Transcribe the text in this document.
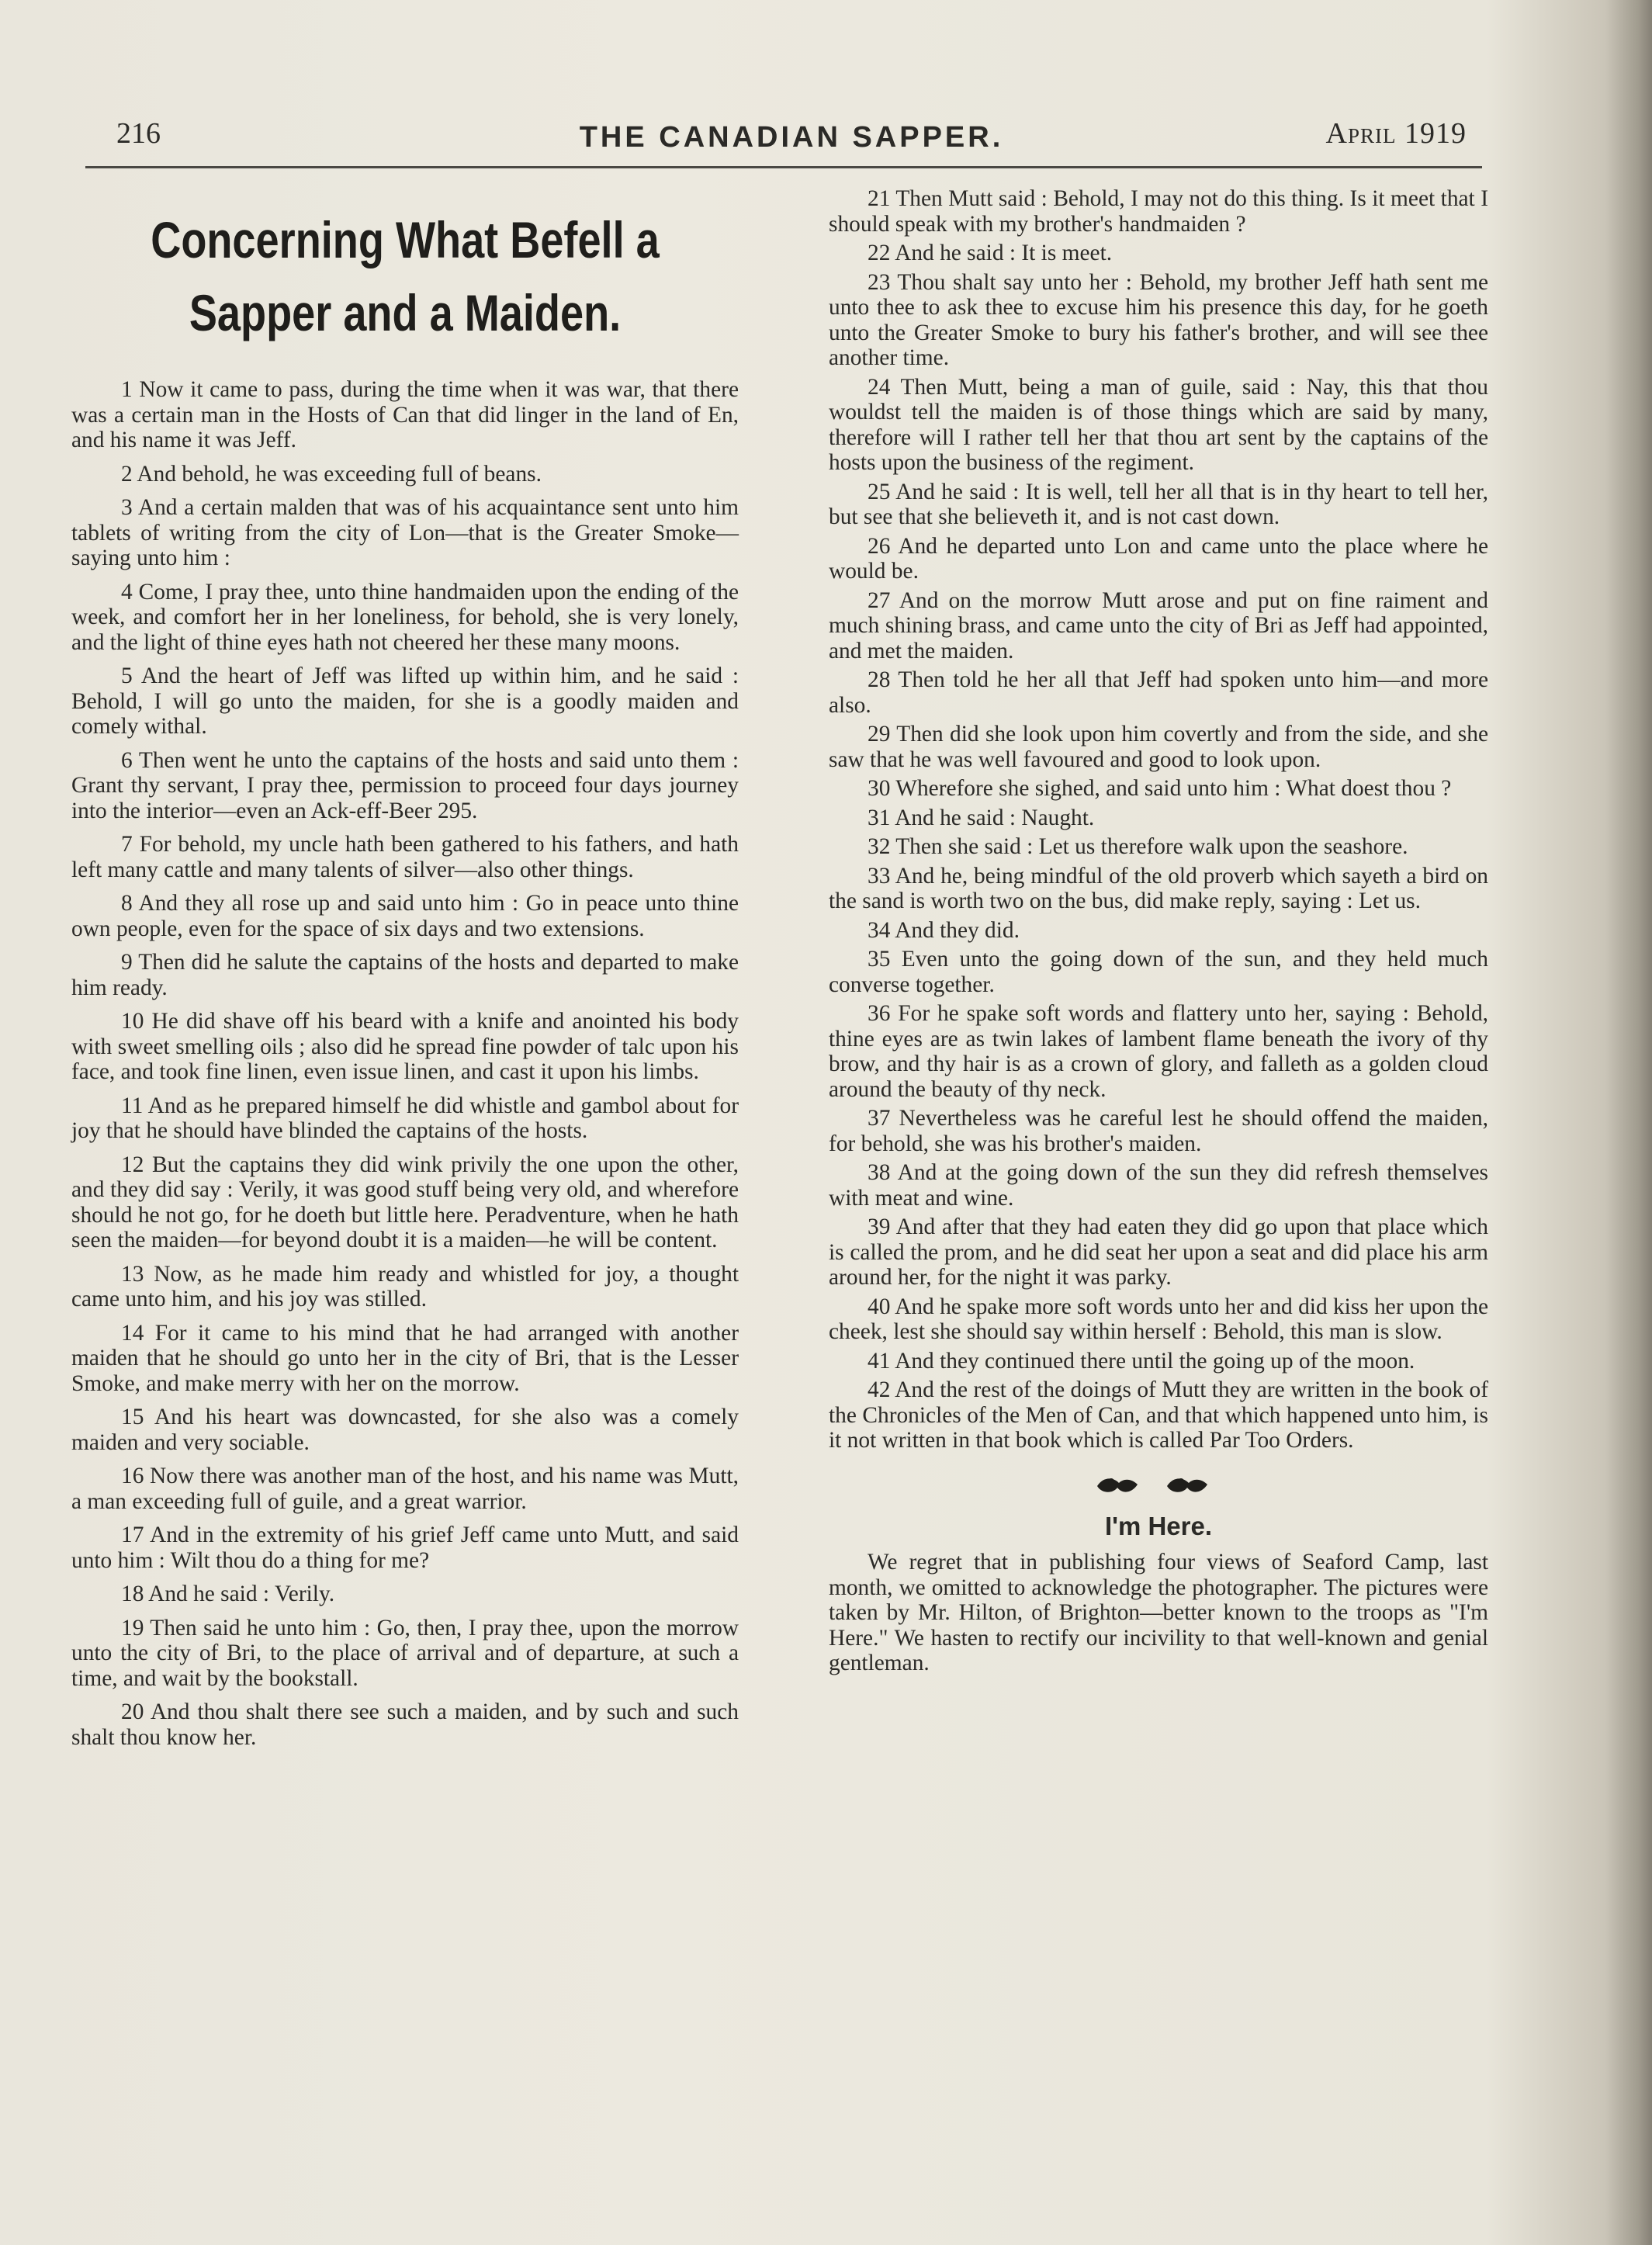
216	THE CANADIAN SAPPER.	April 1919
Concerning What Befell a
Sapper and a Maiden.

1 Now it came to pass, during the time when it was war, that there was a certain man in the Hosts of Can that did linger in the land of En, and his name it was Jeff.

2 And behold, he was exceeding full of beans.

3 And a certain malden that was of his acquaintance sent unto him tablets of writing from the city of Lon—that is the Greater Smoke—saying unto him :

4 Come, I pray thee, unto thine handmaiden upon the ending of the week, and comfort her in her loneliness, for behold, she is very lonely, and the light of thine eyes hath not cheered her these many moons.

5 And the heart of Jeff was lifted up within him, and he said : Behold, I will go unto the maiden, for she is a goodly maiden and comely withal.

6 Then went he unto the captains of the hosts and said unto them : Grant thy servant, I pray thee, permission to proceed four days journey into the interior—even an Ack-eff-Beer 295.

7 For behold, my uncle hath been gathered to his fathers, and hath left many cattle and many talents of silver—also other things.

8 And they all rose up and said unto him : Go in peace unto thine own people, even for the space of six days and two extensions.

9 Then did he salute the captains of the hosts and departed to make him ready.

10 He did shave off his beard with a knife and anointed his body with sweet smelling oils ; also did he spread fine powder of talc upon his face, and took fine linen, even issue linen, and cast it upon his limbs.

11 And as he prepared himself he did whistle and gambol about for joy that he should have blinded the captains of the hosts.

12 But the captains they did wink privily the one upon the other, and they did say : Verily, it was good stuff being very old, and wherefore should he not go, for he doeth but little here. Peradventure, when he hath seen the maiden—for beyond doubt it is a maiden—he will be content.

13 Now, as he made him ready and whistled for joy, a thought came unto him, and his joy was stilled.

14 For it came to his mind that he had arranged with another maiden that he should go unto her in the city of Bri, that is the Lesser Smoke, and make merry with her on the morrow.

15 And his heart was downcasted, for she also was a comely maiden and very sociable.

16 Now there was another man of the host, and his name was Mutt, a man exceeding full of guile, and a great warrior.

17 And in the extremity of his grief Jeff came unto Mutt, and said unto him : Wilt thou do a thing for me?

18 And he said : Verily.

19 Then said he unto him : Go, then, I pray thee, upon the morrow unto the city of Bri, to the place of arrival and of departure, at such a time, and wait by the bookstall.

20 And thou shalt there see such a maiden, and by such and such shalt thou know her.

21 Then Mutt said : Behold, I may not do this thing. Is it meet that I should speak with my brother's handmaiden ?

22 And he said : It is meet.

23 Thou shalt say unto her : Behold, my brother Jeff hath sent me unto thee to ask thee to excuse him his presence this day, for he goeth unto the Greater Smoke to bury his father's brother, and will see thee another time.

24 Then Mutt, being a man of guile, said : Nay, this that thou wouldst tell the maiden is of those things which are said by many, therefore will I rather tell her that thou art sent by the captains of the hosts upon the business of the regiment.

25 And he said : It is well, tell her all that is in thy heart to tell her, but see that she believeth it, and is not cast down.

26 And he departed unto Lon and came unto the place where he would be.

27 And on the morrow Mutt arose and put on fine raiment and much shining brass, and came unto the city of Bri as Jeff had appointed, and met the maiden.

28 Then told he her all that Jeff had spoken unto him—and more also.

29 Then did she look upon him covertly and from the side, and she saw that he was well favoured and good to look upon.

30 Wherefore she sighed, and said unto him : What doest thou ?

31 And he said : Naught.

32 Then she said : Let us therefore walk upon the seashore.

33 And he, being mindful of the old proverb which sayeth a bird on the sand is worth two on the bus, did make reply, saying : Let us.

34 And they did.

35 Even unto the going down of the sun, and they held much converse together.

36 For he spake soft words and flattery unto her, saying : Behold, thine eyes are as twin lakes of lambent flame beneath the ivory of thy brow, and thy hair is as a crown of glory, and falleth as a golden cloud around the beauty of thy neck.

37 Nevertheless was he careful lest he should offend the maiden, for behold, she was his brother's maiden.

38 And at the going down of the sun they did refresh themselves with meat and wine.

39 And after that they had eaten they did go upon that place which is called the prom, and he did seat her upon a seat and did place his arm around her, for the night it was parky.

40 And he spake more soft words unto her and did kiss her upon the cheek, lest she should say within herself : Behold, this man is slow.

41 And they continued there until the going up of the moon.

42 And the rest of the doings of Mutt they are written in the book of the Chronicles of the Men of Can, and that which happened unto him, is it not written in that book which is called Par Too Orders.

I'm Here.

We regret that in publishing four views of Seaford Camp, last month, we omitted to acknowledge the photographer. The pictures were taken by Mr. Hilton, of Brighton—better known to the troops as "I'm Here." We hasten to rectify our incivility to that well-known and genial gentleman.
